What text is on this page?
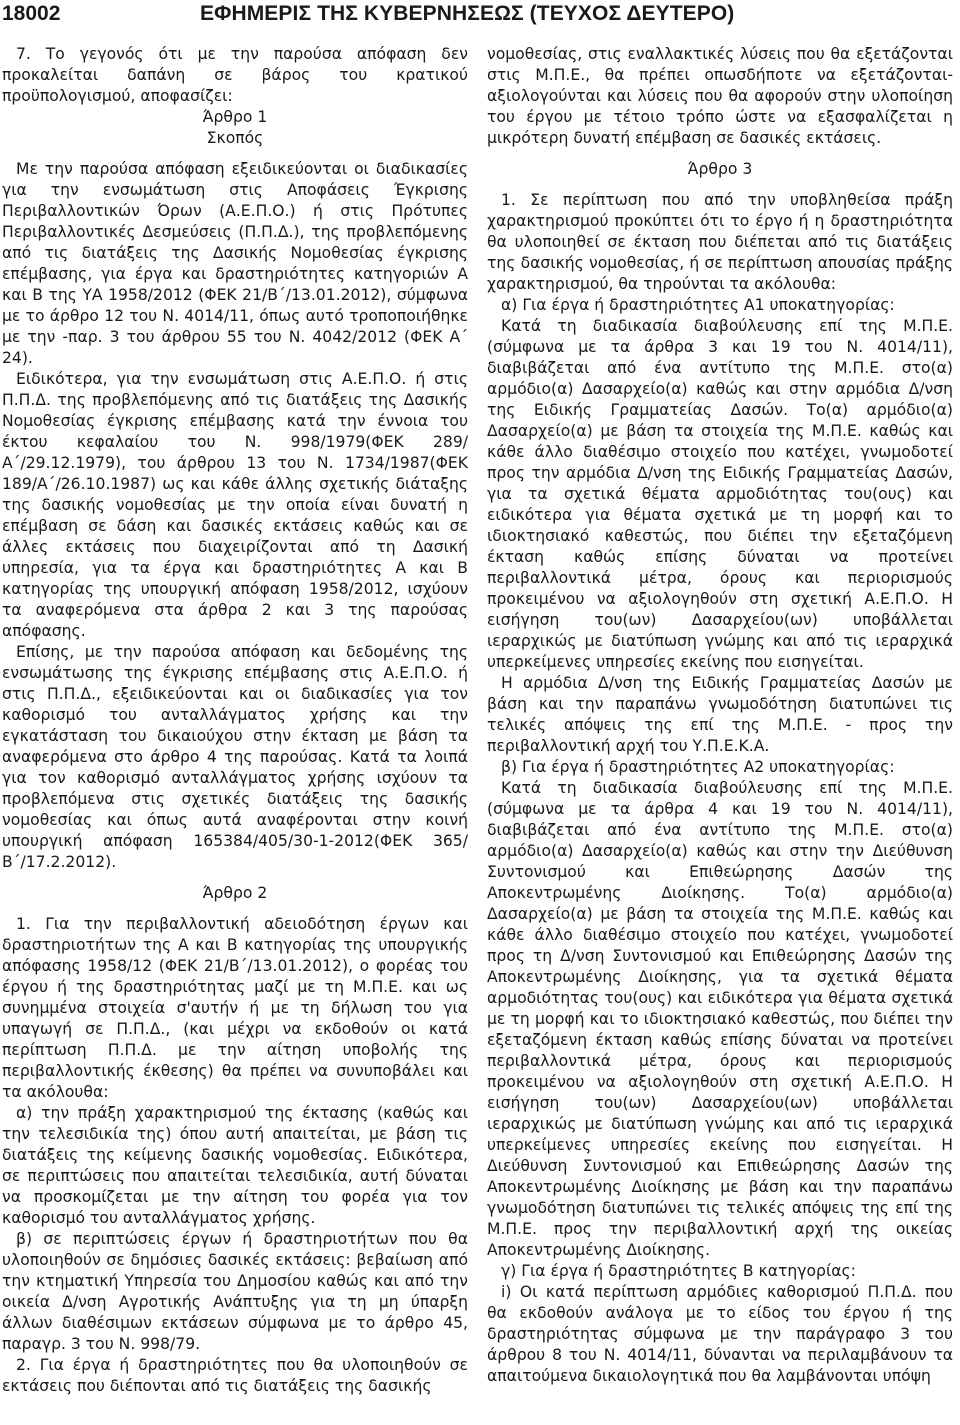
18002	ΕΦΗΜΕΡΙΣ ΤΗΣ ΚΥΒΕΡΝΗΣΕΩΣ (ΤΕΥΧΟΣ ΔΕΥΤΕΡΟ)

7. Το γεγονός ότι με την παρούσα απόφαση δεν προκαλείται δαπάνη σε βάρος του κρατικού προϋπολογισμού, αποφασίζει:

Άρθρο 1
Σκοπός

Με την παρούσα απόφαση εξειδικεύονται οι διαδικασίες για την ενσωμάτωση στις Αποφάσεις Έγκρισης Περιβαλλοντικών Όρων (Α.Ε.Π.Ο.) ή στις Πρότυπες Περιβαλλοντικές Δεσμεύσεις (Π.Π.Δ.), της προβλεπόμενης από τις διατάξεις της Δασικής Νομοθεσίας έγκρισης επέμβασης, για έργα και δραστηριότητες κατηγοριών Α και Β της ΥΑ 1958/2012 (ΦΕΚ 21/Β΄/13.01.2012), σύμφωνα με το άρθρο 12 του Ν. 4014/11, όπως αυτό τροποποιήθηκε με την -παρ. 3 του άρθρου 55 του Ν. 4042/2012 (ΦΕΚ Α΄ 24).

Ειδικότερα, για την ενσωμάτωση στις Α.Ε.Π.Ο. ή στις Π.Π.Δ. της προβλεπόμενης από τις διατάξεις της Δασικής Νομοθεσίας έγκρισης επέμβασης κατά την έννοια του έκτου κεφαλαίου του Ν. 998/1979(ΦΕΚ 289/Α΄/29.12.1979), του άρθρου 13 του Ν. 1734/1987(ΦΕΚ 189/Α΄/26.10.1987) ως και κάθε άλλης σχετικής διάταξης της δασικής νομοθεσίας με την οποία είναι δυνατή η επέμβαση σε δάση και δασικές εκτάσεις καθώς και σε άλλες εκτάσεις που διαχειρίζονται από τη Δασική υπηρεσία, για τα έργα και δραστηριότητες Α και Β κατηγορίας της υπουργική απόφαση 1958/2012, ισχύουν τα αναφερόμενα στα άρθρα 2 και 3 της παρούσας απόφασης.

Επίσης, με την παρούσα απόφαση και δεδομένης της ενσωμάτωσης της έγκρισης επέμβασης στις Α.Ε.Π.Ο. ή στις Π.Π.Δ., εξειδικεύονται και οι διαδικασίες για τον καθορισμό του ανταλλάγματος χρήσης και την εγκατάσταση του δικαιούχου στην έκταση με βάση τα αναφερόμενα στο άρθρο 4 της παρούσας. Κατά τα λοιπά για τον καθορισμό ανταλλάγματος χρήσης ισχύουν τα προβλεπόμενα στις σχετικές διατάξεις της δασικής νομοθεσίας και όπως αυτά αναφέρονται στην κοινή υπουργική απόφαση 165384/405/30-1-2012(ΦΕΚ 365/Β΄/17.2.2012).

Άρθρο 2

1. Για την περιβαλλοντική αδειοδότηση έργων και δραστηριοτήτων της Α και Β κατηγορίας της υπουργικής απόφασης 1958/12 (ΦΕΚ 21/Β΄/13.01.2012), ο φορέας του έργου ή της δραστηριότητας μαζί με τη Μ.Π.Ε. και ως συνημμένα στοιχεία σ'αυτήν ή με τη δήλωση του για υπαγωγή σε Π.Π.Δ., (και μέχρι να εκδοθούν οι κατά περίπτωση Π.Π.Δ. με την αίτηση υποβολής της περιβαλλοντικής έκθεσης) θα πρέπει να συνυποβάλει και τα ακόλουθα:

α) την πράξη χαρακτηρισμού της έκτασης (καθώς και την τελεσιδικία της) όπου αυτή απαιτείται, με βάση τις διατάξεις της κείμενης δασικής νομοθεσίας. Ειδικότερα, σε περιπτώσεις που απαιτείται τελεσιδικία, αυτή δύναται να προσκομίζεται με την αίτηση του φορέα για τον καθορισμό του ανταλλάγματος χρήσης.

β) σε περιπτώσεις έργων ή δραστηριοτήτων που θα υλοποιηθούν σε δημόσιες δασικές εκτάσεις: βεβαίωση από την κτηματική Υπηρεσία του Δημοσίου καθώς και από την οικεία Δ/νση Αγροτικής Ανάπτυξης για τη μη ύπαρξη άλλων διαθέσιμων εκτάσεων σύμφωνα με το άρθρο 45, παραγρ. 3 του Ν. 998/79.

2. Για έργα ή δραστηριότητες που θα υλοποιηθούν σε εκτάσεις που διέπονται από τις διατάξεις της δασικής

νομοθεσίας, στις εναλλακτικές λύσεις που θα εξετάζονται στις Μ.Π.Ε., θα πρέπει οπωσδήποτε να εξετάζονται-αξιολογούνται και λύσεις που θα αφορούν στην υλοποίηση του έργου με τέτοιο τρόπο ώστε να εξασφαλίζεται η μικρότερη δυνατή επέμβαση σε δασικές εκτάσεις.

Άρθρο 3

1. Σε περίπτωση που από την υποβληθείσα πράξη χαρακτηρισμού προκύπτει ότι το έργο ή η δραστηριότητα θα υλοποιηθεί σε έκταση που διέπεται από τις διατάξεις της δασικής νομοθεσίας, ή σε περίπτωση απουσίας πράξης χαρακτηρισμού, θα τηρούνται τα ακόλουθα:

α) Για έργα ή δραστηριότητες Α1 υποκατηγορίας:

Κατά τη διαδικασία διαβούλευσης επί της Μ.Π.Ε. (σύμφωνα με τα άρθρα 3 και 19 του Ν. 4014/11), διαβιβάζεται από ένα αντίτυπο της Μ.Π.Ε. στο(α) αρμόδιο(α) Δασαρχείο(α) καθώς και στην αρμόδια Δ/νση της Ειδικής Γραμματείας Δασών. Το(α) αρμόδιο(α) Δασαρχείο(α) με βάση τα στοιχεία της Μ.Π.Ε. καθώς και κάθε άλλο διαθέσιμο στοιχείο που κατέχει, γνωμοδοτεί προς την αρμόδια Δ/νση της Ειδικής Γραμματείας Δασών, για τα σχετικά θέματα αρμοδιότητας του(ους) και ειδικότερα για θέματα σχετικά με τη μορφή και το ιδιοκτησιακό καθεστώς, που διέπει την εξεταζόμενη έκταση καθώς επίσης δύναται να προτείνει περιβαλλοντικά μέτρα, όρους και περιορισμούς προκειμένου να αξιολογηθούν στη σχετική Α.Ε.Π.Ο. Η εισήγηση του(ων) Δασαρχείου(ων) υποβάλλεται ιεραρχικώς με διατύπωση γνώμης και από τις ιεραρχικά υπερκείμενες υπηρεσίες εκείνης που εισηγείται.

Η αρμόδια Δ/νση της Ειδικής Γραμματείας Δασών με βάση και την παραπάνω γνωμοδότηση διατυπώνει τις τελικές απόψεις της επί της Μ.Π.Ε. - προς την περιβαλλοντική αρχή του Υ.Π.Ε.Κ.Α.

β) Για έργα ή δραστηριότητες Α2 υποκατηγορίας:

Κατά τη διαδικασία διαβούλευσης επί της Μ.Π.Ε. (σύμφωνα με τα άρθρα 4 και 19 του Ν. 4014/11), διαβιβάζεται από ένα αντίτυπο της Μ.Π.Ε. στο(α) αρμόδιο(α) Δασαρχείο(α) καθώς και στην την Διεύθυνση Συντονισμού και Επιθεώρησης Δασών της Αποκεντρωμένης Διοίκησης. Το(α) αρμόδιο(α) Δασαρχείο(α) με βάση τα στοιχεία της Μ.Π.Ε. καθώς και κάθε άλλο διαθέσιμο στοιχείο που κατέχει, γνωμοδοτεί προς τη Δ/νση Συντονισμού και Επιθεώρησης Δασών της Αποκεντρωμένης Διοίκησης, για τα σχετικά θέματα αρμοδιότητας του(ους) και ειδικότερα για θέματα σχετικά με τη μορφή και το ιδιοκτησιακό καθεστώς, που διέπει την εξεταζόμενη έκταση καθώς επίσης δύναται να προτείνει περιβαλλοντικά μέτρα, όρους και περιορισμούς προκειμένου να αξιολογηθούν στη σχετική Α.Ε.Π.Ο. Η εισήγηση του(ων) Δασαρχείου(ων) υποβάλλεται ιεραρχικώς με διατύπωση γνώμης και από τις ιεραρχικά υπερκείμενες υπηρεσίες εκείνης που εισηγείται. Η Διεύθυνση Συντονισμού και Επιθεώρησης Δασών της Αποκεντρωμένης Διοίκησης με βάση και την παραπάνω γνωμοδότηση διατυπώνει τις τελικές απόψεις της επί της Μ.Π.Ε. προς την περιβαλλοντική αρχή της οικείας Αποκεντρωμένης Διοίκησης.

γ) Για έργα ή δραστηριότητες Β κατηγορίας:

i) Οι κατά περίπτωση αρμόδιες καθορισμού Π.Π.Δ. που θα εκδοθούν ανάλογα με το είδος του έργου ή της δραστηριότητας σύμφωνα με την παράγραφο 3 του άρθρου 8 του Ν. 4014/11, δύνανται να περιλαμβάνουν τα απαιτούμενα δικαιολογητικά που θα λαμβάνονται υπόψη
